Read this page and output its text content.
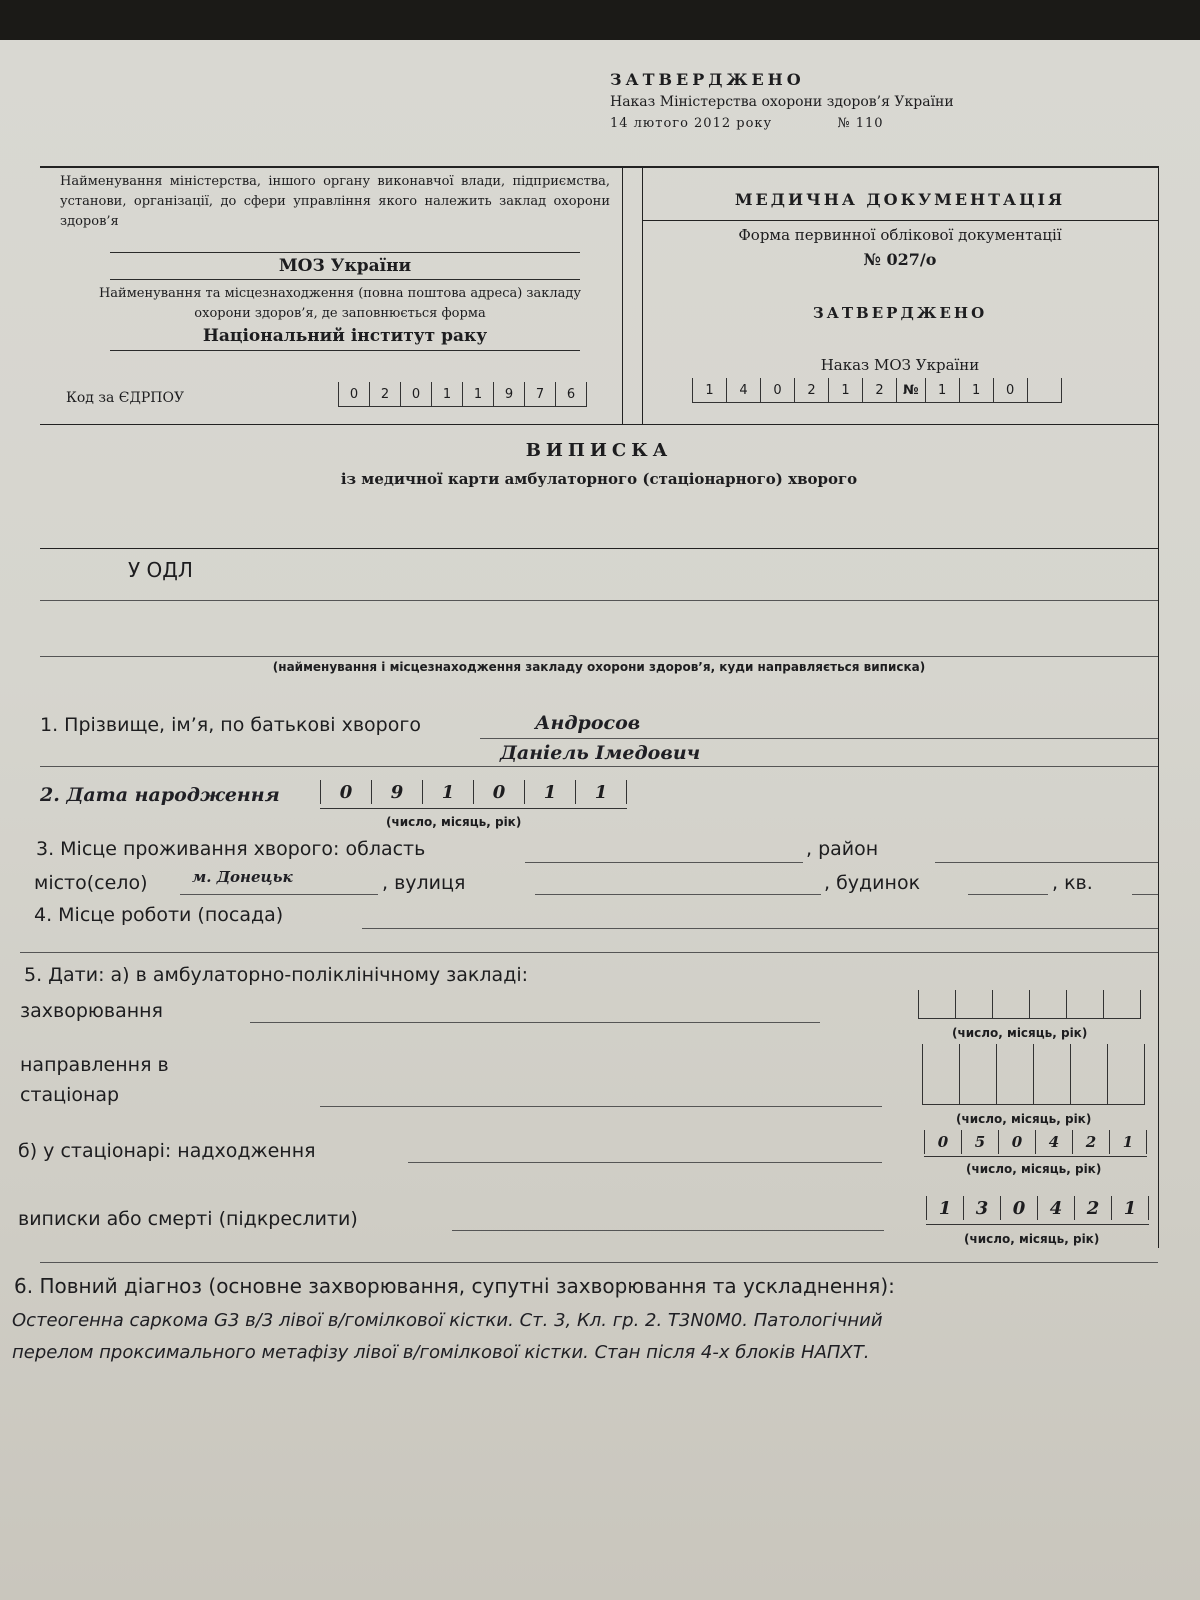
ЗАТВЕРДЖЕНО
Наказ Міністерства охорони здоров’я України
14 лютого 2012 року	№ 110
Найменування міністерства, іншого органу виконавчої влади, підприємства, установи, організації, до сфери управління якого належить заклад охорони здоров’я
МОЗ України
Найменування та місцезнаходження (повна поштова адреса) закладу охорони здоров’я, де заповнюється форма
Національний інститут раку
Код за ЄДРПОУ	0	2	0	1	1	9	7	6
МЕДИЧНА ДОКУМЕНТАЦІЯ
Форма первинної облікової документації
№ 027/о
ЗАТВЕРДЖЕНО
Наказ МОЗ України
1	4	0	2	1	2	№	1	1	0
ВИПИСКА
із медичної карти амбулаторного (стаціонарного) хворого
У ОДЛ
(найменування і місцезнаходження закладу охорони здоров’я, куди направляється виписка)
1. Прізвище, ім’я, по батькові хворого	Андросов
Даніель Імедович
2. Дата народження	0	9	1	0	1	1
(число, місяць, рік)
3. Місце проживання хворого: область	, район
місто(село)	м. Донецьк	, вулиця	, будинок	, кв.
4. Місце роботи (посада)
5. Дати: а) в амбулаторно-поліклінічному закладі:
захворювання
(число, місяць, рік)
направлення в
стаціонар
(число, місяць, рік)
б) у стаціонарі: надходження	0	5	0	4	2	1
(число, місяць, рік)
виписки або смерті (підкреслити)	1	3	0	4	2	1
(число, місяць, рік)
6. Повний діагноз (основне захворювання, супутні захворювання та ускладнення):
Остеогенна саркома G3 в/3 лівої в/гомілкової кістки. Ст. 3, Кл. гр. 2. T3N0M0. Патологічний
перелом проксимального метафізу лівої в/гомілкової кістки. Стан після 4-х блоків НАПХТ.
